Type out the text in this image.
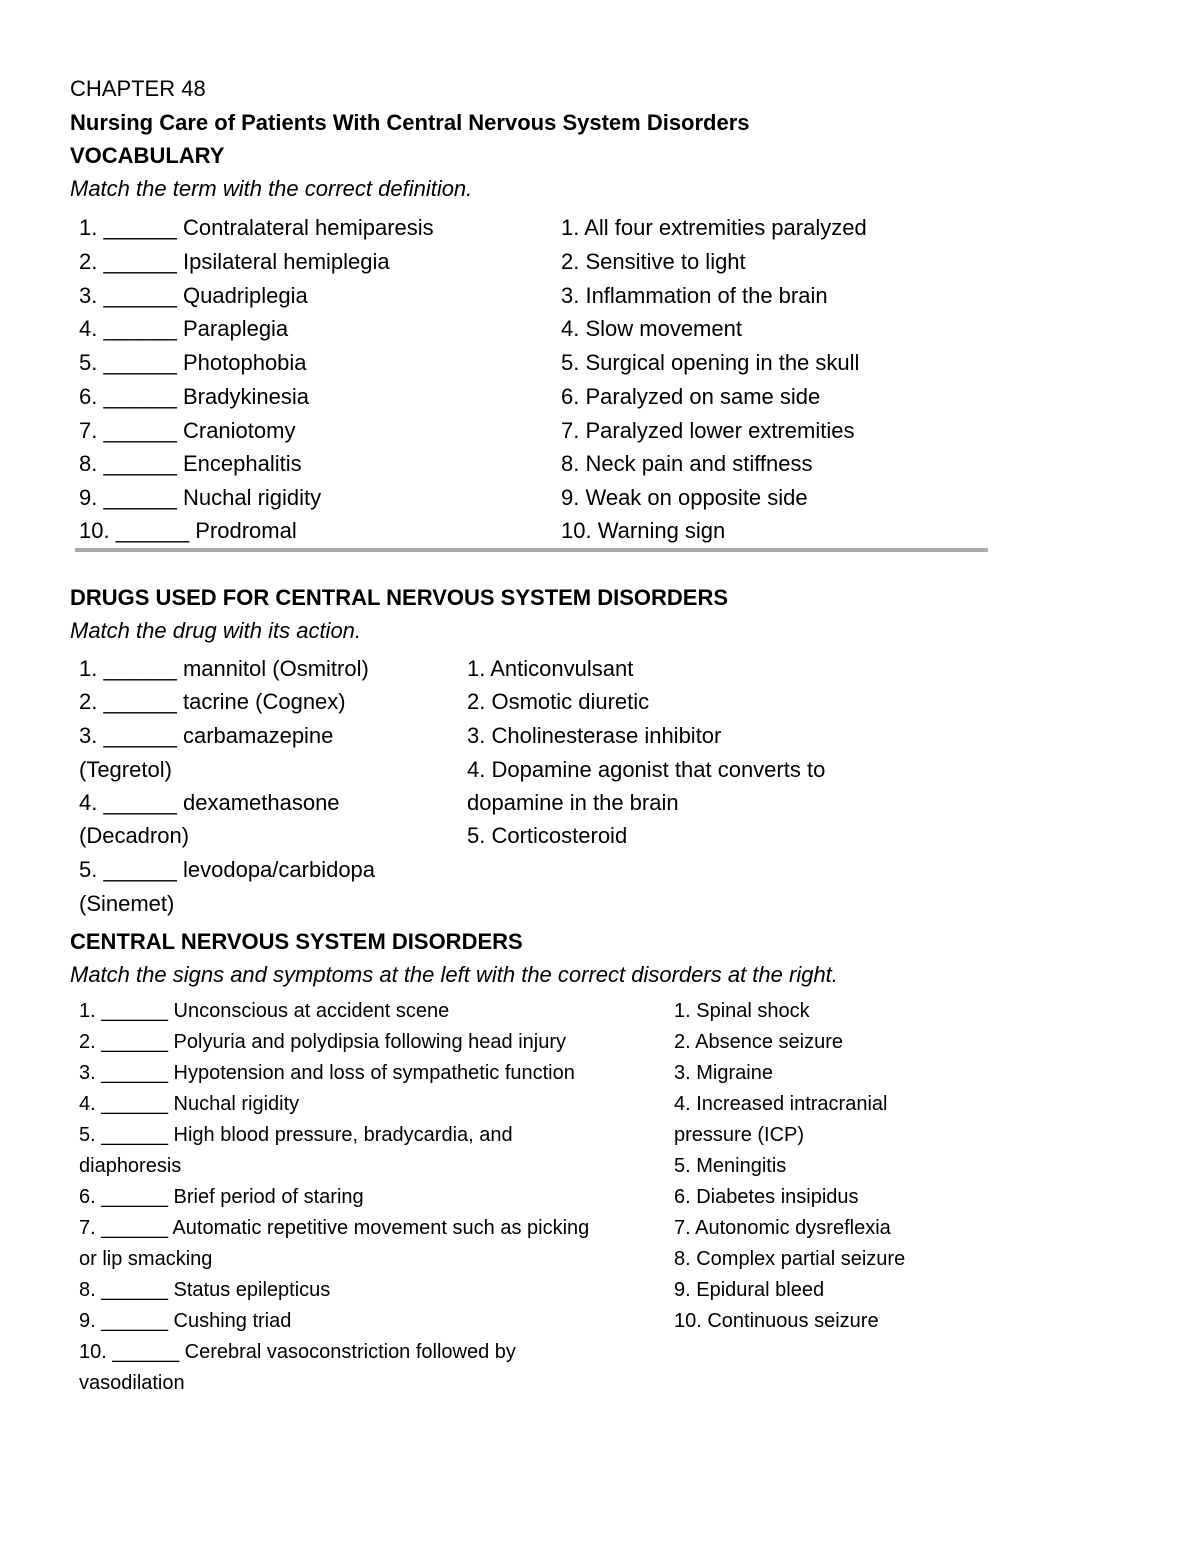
CHAPTER 48
Nursing Care of Patients With Central Nervous System Disorders
VOCABULARY
Match the term with the correct definition.
1. ______ Contralateral hemiparesis
2. ______ Ipsilateral hemiplegia
3. ______ Quadriplegia
4. ______ Paraplegia
5. ______ Photophobia
6. ______ Bradykinesia
7. ______ Craniotomy
8. ______ Encephalitis
9. ______ Nuchal rigidity
10. ______ Prodromal
1. All four extremities paralyzed
2. Sensitive to light
3. Inflammation of the brain
4. Slow movement
5. Surgical opening in the skull
6. Paralyzed on same side
7. Paralyzed lower extremities
8. Neck pain and stiffness
9. Weak on opposite side
10. Warning sign
DRUGS USED FOR CENTRAL NERVOUS SYSTEM DISORDERS
Match the drug with its action.
1. ______ mannitol (Osmitrol)
2. ______ tacrine (Cognex)
3. ______ carbamazepine
(Tegretol)
4. ______ dexamethasone
(Decadron)
5. ______ levodopa/carbidopa
(Sinemet)
1. Anticonvulsant
2. Osmotic diuretic
3. Cholinesterase inhibitor
4. Dopamine agonist that converts to
dopamine in the brain
5. Corticosteroid
CENTRAL NERVOUS SYSTEM DISORDERS
Match the signs and symptoms at the left with the correct disorders at the right.
1. ______ Unconscious at accident scene
2. ______ Polyuria and polydipsia following head injury
3. ______ Hypotension and loss of sympathetic function
4. ______ Nuchal rigidity
5. ______ High blood pressure, bradycardia, and
diaphoresis
6. ______ Brief period of staring
7. ______ Automatic repetitive movement such as picking
or lip smacking
8. ______ Status epilepticus
9. ______ Cushing triad
10. ______ Cerebral vasoconstriction followed by
vasodilation
1. Spinal shock
2. Absence seizure
3. Migraine
4. Increased intracranial
pressure (ICP)
5. Meningitis
6. Diabetes insipidus
7. Autonomic dysreflexia
8. Complex partial seizure
9. Epidural bleed
10. Continuous seizure
